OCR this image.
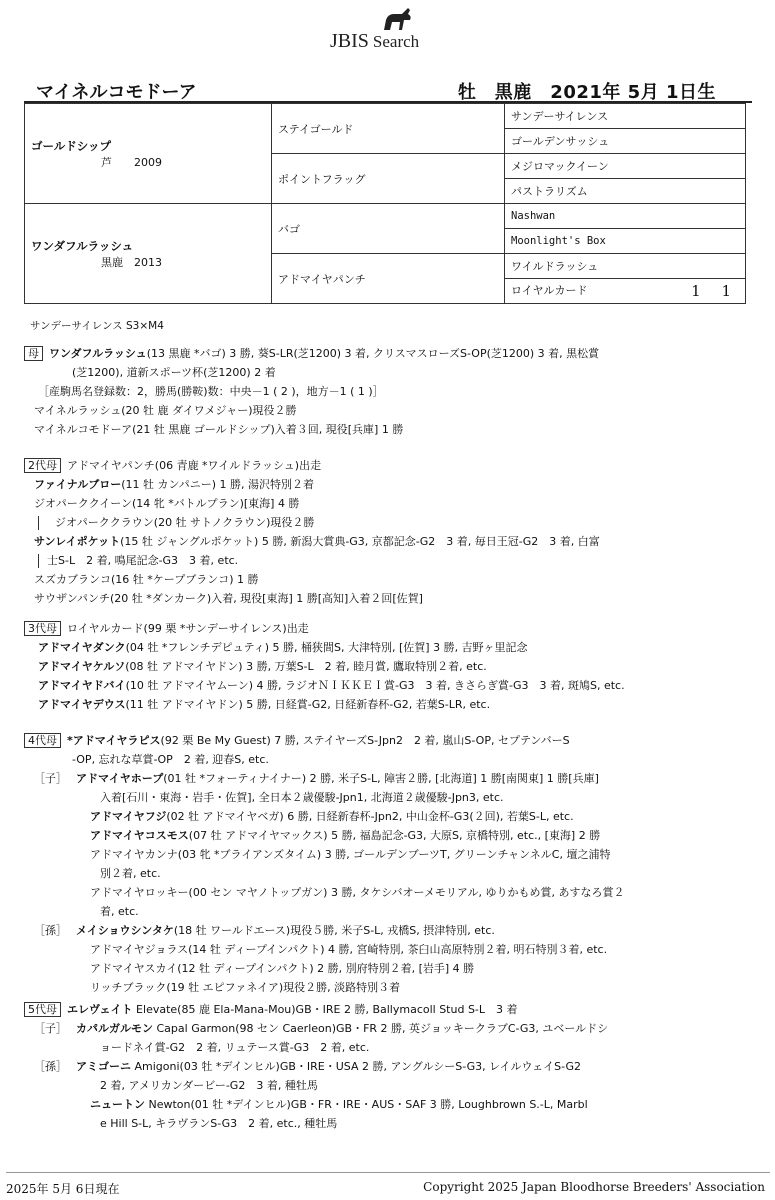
JBIS  Search
マイネルコモドーア	牡　黒鹿　2021年 5月 1日生
ゴールドシップ
芦　　2009	ステイゴールド	サンデーサイレンス
		ゴールデンサッシュ
	ポイントフラッグ	メジロマックイーン
		パストラリズム
ワンダフルラッシュ
黒鹿　2013	バゴ	Nashwan
		Moonlight's Box
	アドマイヤパンチ	ワイルドラッシュ
		ロイヤルカード 1 1
サンデーサイレンス S3×M4
母 ワンダフルラッシュ(13 黒鹿 *バゴ) 3 勝, 葵S-LR(芝1200) 3 着, クリスマスローズS-OP(芝1200) 3 着, 黒松賞
(芝1200), 道新スポーツ杯(芝1200) 2 着
［産駒馬名登録数：2，勝馬(勝鞍)数：中央－1 ( 2 )，地方－1 ( 1 )］
マイネルラッシュ(20 牡 鹿 ダイワメジャー)現役２勝
マイネルコモドーア(21 牡 黒鹿 ゴールドシップ)入着３回, 現役[兵庫] 1 勝
2代母 アドマイヤパンチ(06 青鹿 *ワイルドラッシュ)出走
ファイナルブロー(11 牡 カンパニー) 1 勝, 湯沢特別２着
ジオパーククイーン(14 牝 *バトルプラン)[東海] 4 勝
ジオパーククラウン(20 牡 サトノクラウン)現役２勝
サンレイポケット(15 牡 ジャングルポケット) 5 勝, 新潟大賞典-G3, 京都記念-G2　3 着, 毎日王冠-G2　3 着, 白富
士S-L　2 着, 鳴尾記念-G3　3 着, etc.
スズカブランコ(16 牡 *ケープブランコ) 1 勝
サウザンパンチ(20 牡 *ダンカーク)入着, 現役[東海] 1 勝[高知]入着２回[佐賀]
3代母 ロイヤルカード(99 栗 *サンデーサイレンス)出走
アドマイヤダンク(04 牡 *フレンチデピュティ) 5 勝, 桶狭間S, 大津特別, [佐賀] 3 勝, 吉野ヶ里記念
アドマイヤケルソ(08 牡 アドマイヤドン) 3 勝, 万葉S-L　2 着, 睦月賞, 鷹取特別２着, etc.
アドマイヤドバイ(10 牡 アドマイヤムーン) 4 勝, ラジオＮＩＫＫＥＩ賞-G3　3 着, きさらぎ賞-G3　3 着, 斑鳩S, etc.
アドマイヤデウス(11 牡 アドマイヤドン) 5 勝, 日経賞-G2, 日経新春杯-G2, 若葉S-LR, etc.
4代母 *アドマイヤラピス(92 栗 Be My Guest) 7 勝, ステイヤーズS-Jpn2　2 着, 嵐山S-OP, セプテンバーS
-OP, 忘れな草賞-OP　2 着, 迎春S, etc.
［子］ アドマイヤホープ(01 牡 *フォーティナイナー) 2 勝, 米子S-L, 障害２勝, [北海道] 1 勝[南関東] 1 勝[兵庫]
入着[石川・東海・岩手・佐賀], 全日本２歳優駿-Jpn1, 北海道２歳優駿-Jpn3, etc.
アドマイヤフジ(02 牡 アドマイヤベガ) 6 勝, 日経新春杯-Jpn2, 中山金杯-G3(２回), 若葉S-L, etc.
アドマイヤコスモス(07 牡 アドマイヤマックス) 5 勝, 福島記念-G3, 大原S, 京橋特別, etc., [東海] 2 勝
アドマイヤカンナ(03 牝 *ブライアンズタイム) 3 勝, ゴールデンブーツT, グリーンチャンネルC, 壇之浦特
別２着, etc.
アドマイヤロッキー(00 セン マヤノトップガン) 3 勝, タケシバオーメモリアル, ゆりかもめ賞, あすなろ賞２
着, etc.
［孫］ メイショウシンタケ(18 牡 ワールドエース)現役５勝, 米子S-L, 戎橋S, 摂津特別, etc.
アドマイヤジョラス(14 牡 ディープインパクト) 4 勝, 宮崎特別, 茶臼山高原特別２着, 明石特別３着, etc.
アドマイヤスカイ(12 牡 ディープインパクト) 2 勝, 別府特別２着, [岩手] 4 勝
リッチブラック(19 牡 エピファネイア)現役２勝, 淡路特別３着
5代母 エレヴェイト Elevate(85 鹿 Ela-Mana-Mou)GB・IRE 2 勝, Ballymacoll Stud S-L　3 着
［子］ カパルガルモン Capal Garmon(98 セン Caerleon)GB・FR 2 勝, 英ジョッキークラブC-G3, ユベールドシ
ョードネイ賞-G2　2 着, リュテース賞-G3　2 着, etc.
［孫］ アミゴーニ Amigoni(03 牡 *デインヒル)GB・IRE・USA 2 勝, アングルシーS-G3, レイルウェイS-G2
2 着, アメリカンダービー-G2　3 着, 種牡馬
ニュートン Newton(01 牡 *デインヒル)GB・FR・IRE・AUS・SAF 3 勝, Loughbrown S.-L, Marbl
e Hill S-L, キラヴランS-G3　2 着, etc., 種牡馬
2025年 5月 6日現在	Copyright 2025 Japan Bloodhorse Breeders' Association
